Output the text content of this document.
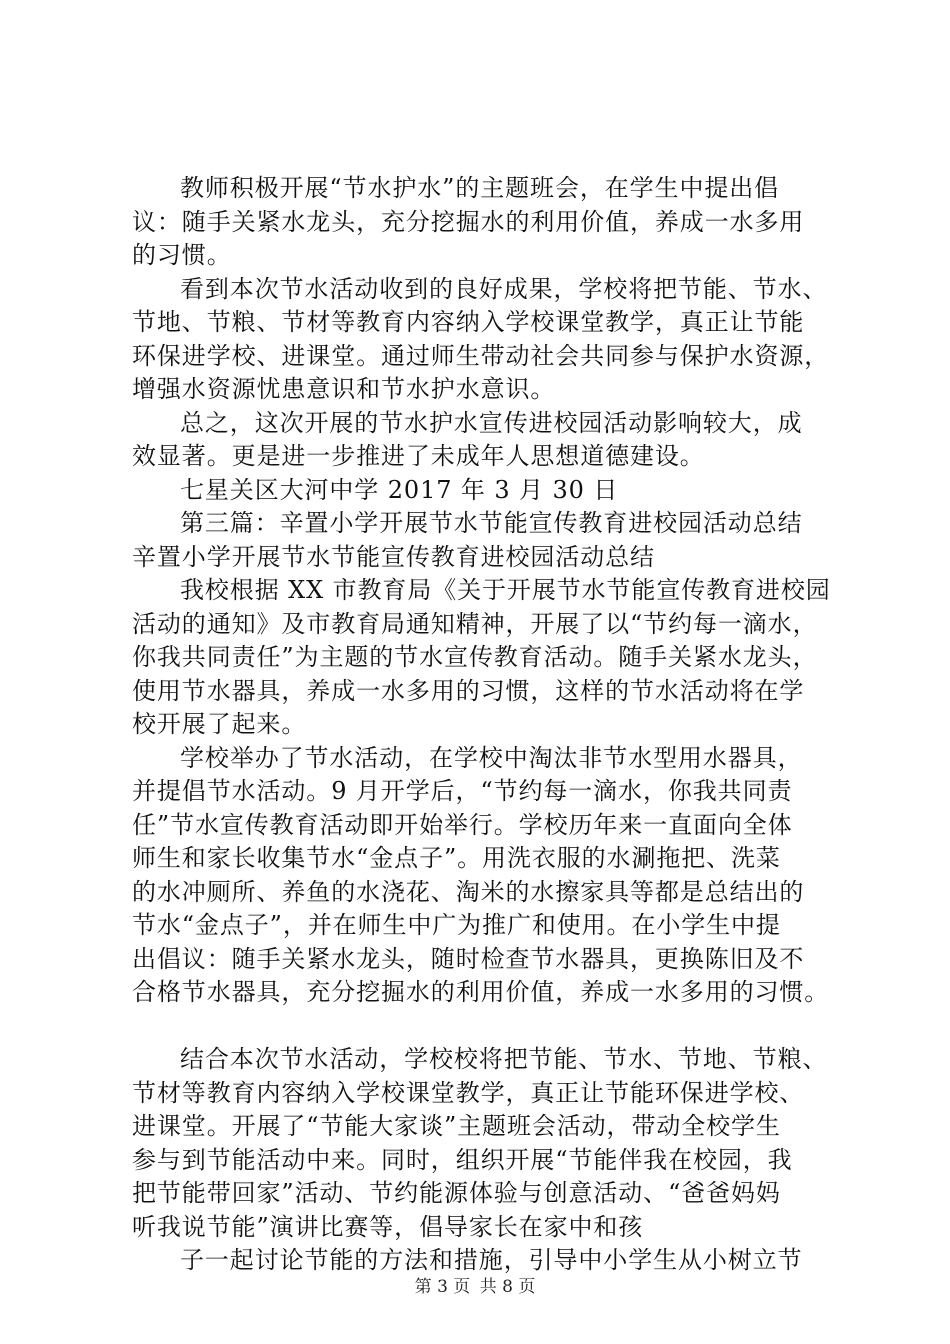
教师积极开展“节水护水”的主题班会，在学生中提出倡
议：随手关紧水龙头，充分挖掘水的利用价值，养成一水多用
的习惯。
看到本次节水活动收到的良好成果，学校将把节能、节水、
节地、节粮、节材等教育内容纳入学校课堂教学，真正让节能
环保进学校、进课堂。通过师生带动社会共同参与保护水资源，
增强水资源忧患意识和节水护水意识。
总之，这次开展的节水护水宣传进校园活动影响较大，成
效显著。更是进一步推进了未成年人思想道德建设。
七星关区大河中学 2017 年 3 月 30 日
第三篇：辛置小学开展节水节能宣传教育进校园活动总结
辛置小学开展节水节能宣传教育进校园活动总结
我校根据 XX 市教育局《关于开展节水节能宣传教育进校园
活动的通知》及市教育局通知精神，开展了以“节约每一滴水，
你我共同责任”为主题的节水宣传教育活动。随手关紧水龙头，
使用节水器具，养成一水多用的习惯，这样的节水活动将在学
校开展了起来。
学校举办了节水活动，在学校中淘汰非节水型用水器具，
并提倡节水活动。9 月开学后，“节约每一滴水，你我共同责
任”节水宣传教育活动即开始举行。学校历年来一直面向全体
师生和家长收集节水“金点子”。用洗衣服的水涮拖把、洗菜
的水冲厕所、养鱼的水浇花、淘米的水擦家具等都是总结出的
节水“金点子”，并在师生中广为推广和使用。在小学生中提
出倡议：随手关紧水龙头，随时检查节水器具，更换陈旧及不
合格节水器具，充分挖掘水的利用价值，养成一水多用的习惯。
结合本次节水活动，学校校将把节能、节水、节地、节粮、
节材等教育内容纳入学校课堂教学，真正让节能环保进学校、
进课堂。开展了“节能大家谈”主题班会活动，带动全校学生
参与到节能活动中来。同时，组织开展“节能伴我在校园，我
把节能带回家”活动、节约能源体验与创意活动、“爸爸妈妈
听我说节能”演讲比赛等，倡导家长在家中和孩
子一起讨论节能的方法和措施，引导中小学生从小树立节
第 3 页 共 8 页
